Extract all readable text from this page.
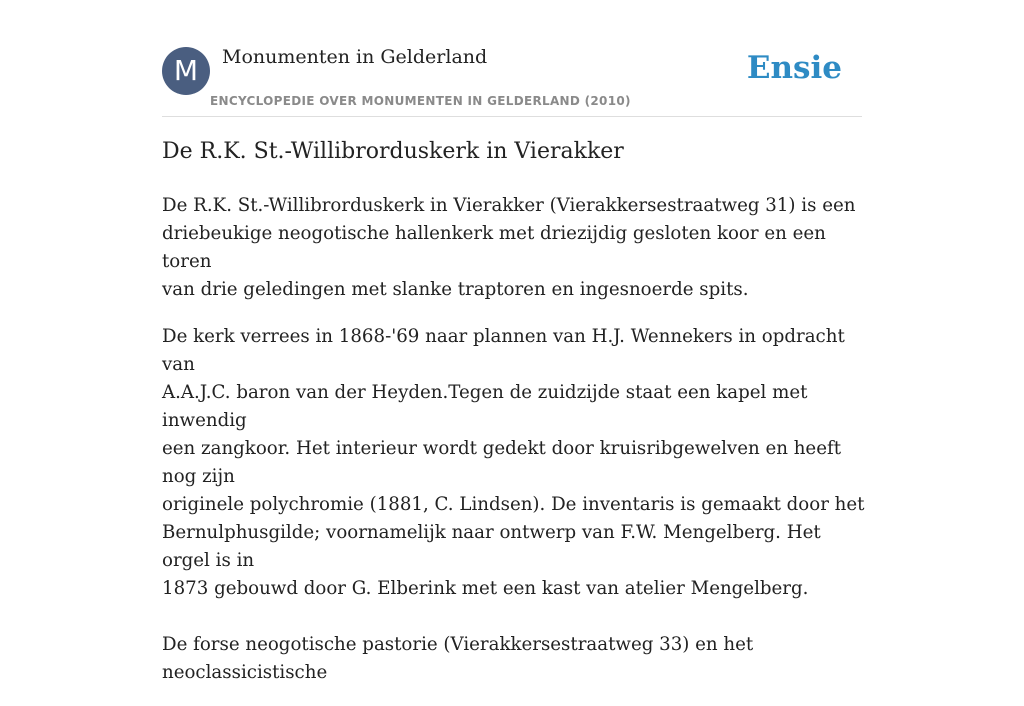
M	Monumenten in Gelderland
ENCYCLOPEDIE OVER MONUMENTEN IN GELDERLAND (2010)
Ensie
De R.K. St.-Willibrorduskerk in Vierakker

De R.K. St.-Willibrorduskerk in Vierakker (Vierakkersestraatweg 31) is een
driebeukige neogotische hallenkerk met driezijdig gesloten koor en een toren
van drie geledingen met slanke traptoren en ingesnoerde spits.

De kerk verrees in 1868-'69 naar plannen van H.J. Wennekers in opdracht van
A.A.J.C. baron van der Heyden.Tegen de zuidzijde staat een kapel met inwendig
een zangkoor. Het interieur wordt gedekt door kruisribgewelven en heeft nog zijn
originele polychromie (1881, C. Lindsen). De inventaris is gemaakt door het
Bernulphusgilde; voornamelijk naar ontwerp van F.W. Mengelberg. Het orgel is in
1873 gebouwd door G. Elberink met een kast van atelier Mengelberg.

De forse neogotische pastorie (Vierakkersestraatweg 33) en het neoclassicistische
